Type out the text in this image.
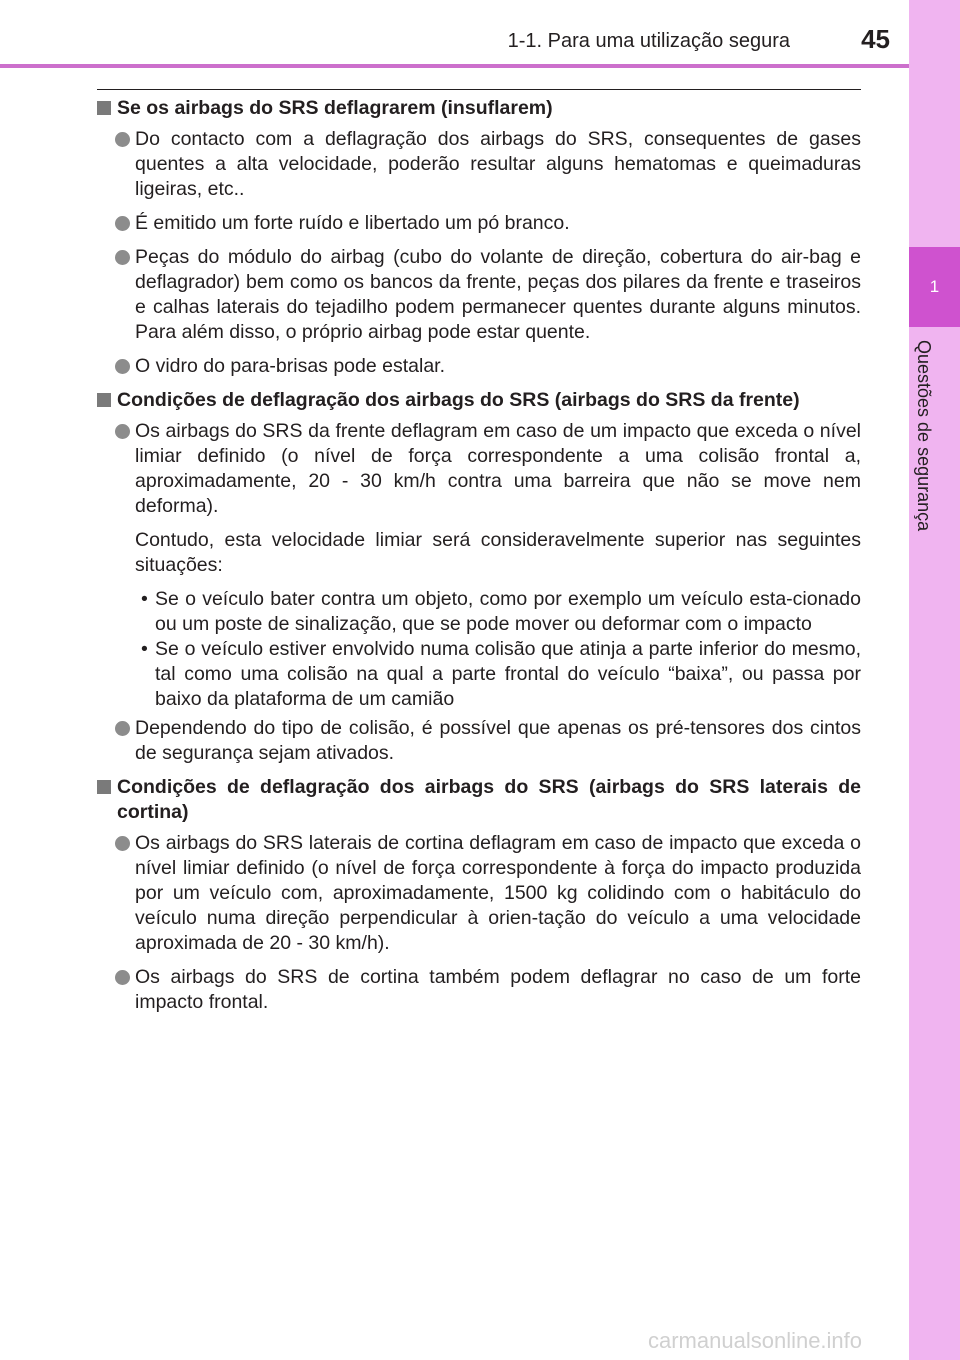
1
Questões de segurança
1-1. Para uma utilização segura	45
Se os airbags do SRS deflagrarem (insuflarem)
Do contacto com a deflagração dos airbags do SRS, consequentes de gases quentes a alta velocidade, poderão resultar alguns hematomas e queimaduras ligeiras, etc..
É emitido um forte ruído e libertado um pó branco.
Peças do módulo do airbag (cubo do volante de direção, cobertura do air-bag e deflagrador) bem como os bancos da frente, peças dos pilares da frente e traseiros e calhas laterais do tejadilho podem permanecer quentes durante alguns minutos. Para além disso, o próprio airbag pode estar quente.
O vidro do para-brisas pode estalar.
Condições de deflagração dos airbags do SRS (airbags do SRS da frente)
Os airbags do SRS da frente deflagram em caso de um impacto que exceda o nível limiar definido (o nível de força correspondente a uma colisão frontal a, aproximadamente, 20 - 30 km/h contra uma barreira que não se move nem deforma).
Contudo, esta velocidade limiar será consideravelmente superior nas seguintes situações:
• Se o veículo bater contra um objeto, como por exemplo um veículo esta-cionado ou um poste de sinalização, que se pode mover ou deformar com o impacto
• Se o veículo estiver envolvido numa colisão que atinja a parte inferior do mesmo, tal como uma colisão na qual a parte frontal do veículo “baixa”, ou passa por baixo da plataforma de um camião
Dependendo do tipo de colisão, é possível que apenas os pré-tensores dos cintos de segurança sejam ativados.
Condições de deflagração dos airbags do SRS (airbags do SRS laterais de cortina)
Os airbags do SRS laterais de cortina deflagram em caso de impacto que exceda o nível limiar definido (o nível de força correspondente à força do impacto produzida por um veículo com, aproximadamente, 1500 kg colidindo com o habitáculo do veículo numa direção perpendicular à orien-tação do veículo a uma velocidade aproximada de 20 - 30 km/h).
Os airbags do SRS de cortina também podem deflagrar no caso de um forte impacto frontal.
carmanualsonline.info
